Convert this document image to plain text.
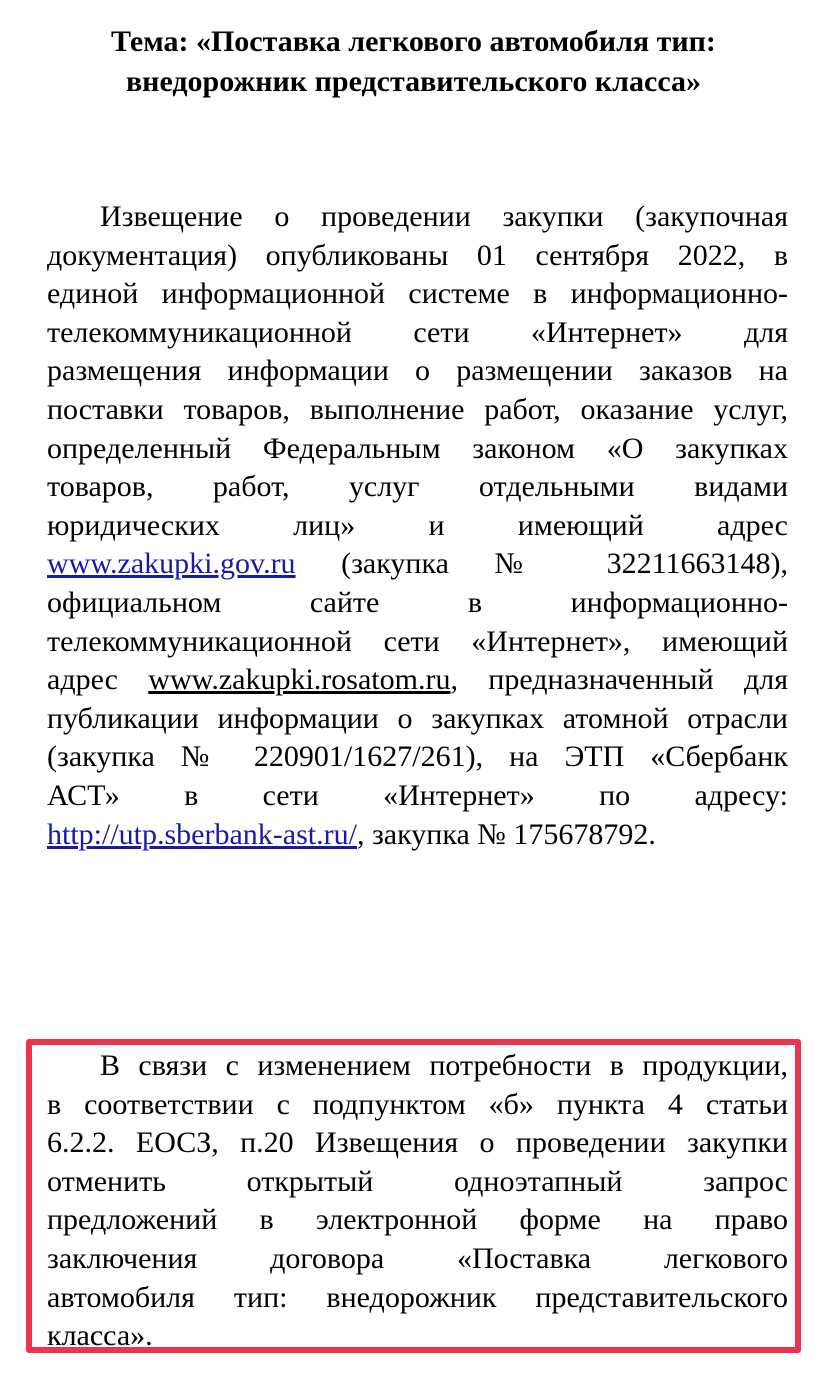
Тема: «Поставка легкового автомобиля тип:
внедорожник представительского класса»
Извещение о проведении закупки (закупочная
документация) опубликованы 01 сентября 2022, в
единой информационной системе в информационно-
телекоммуникационной сети «Интернет» для
размещения информации о размещении заказов на
поставки товаров, выполнение работ, оказание услуг,
определенный Федеральным законом «О закупках
товаров, работ, услуг отдельными видами
юридических лиц» и имеющий адрес
www.zakupki.gov.ru (закупка № 32211663148),
официальном сайте в информационно-
телекоммуникационной сети «Интернет», имеющий
адрес www.zakupki.rosatom.ru, предназначенный для
публикации информации о закупках атомной отрасли
(закупка № 220901/1627/261), на ЭТП «Сбербанк
АСТ» в сети «Интернет» по адресу:
http://utp.sberbank-ast.ru/, закупка № 175678792.
В связи с изменением потребности в продукции,
в соответствии с подпунктом «б» пункта 4 статьи
6.2.2. ЕОСЗ, п.20 Извещения о проведении закупки
отменить открытый одноэтапный запрос
предложений в электронной форме на право
заключения договора «Поставка легкового
автомобиля тип: внедорожник представительского
класса».
